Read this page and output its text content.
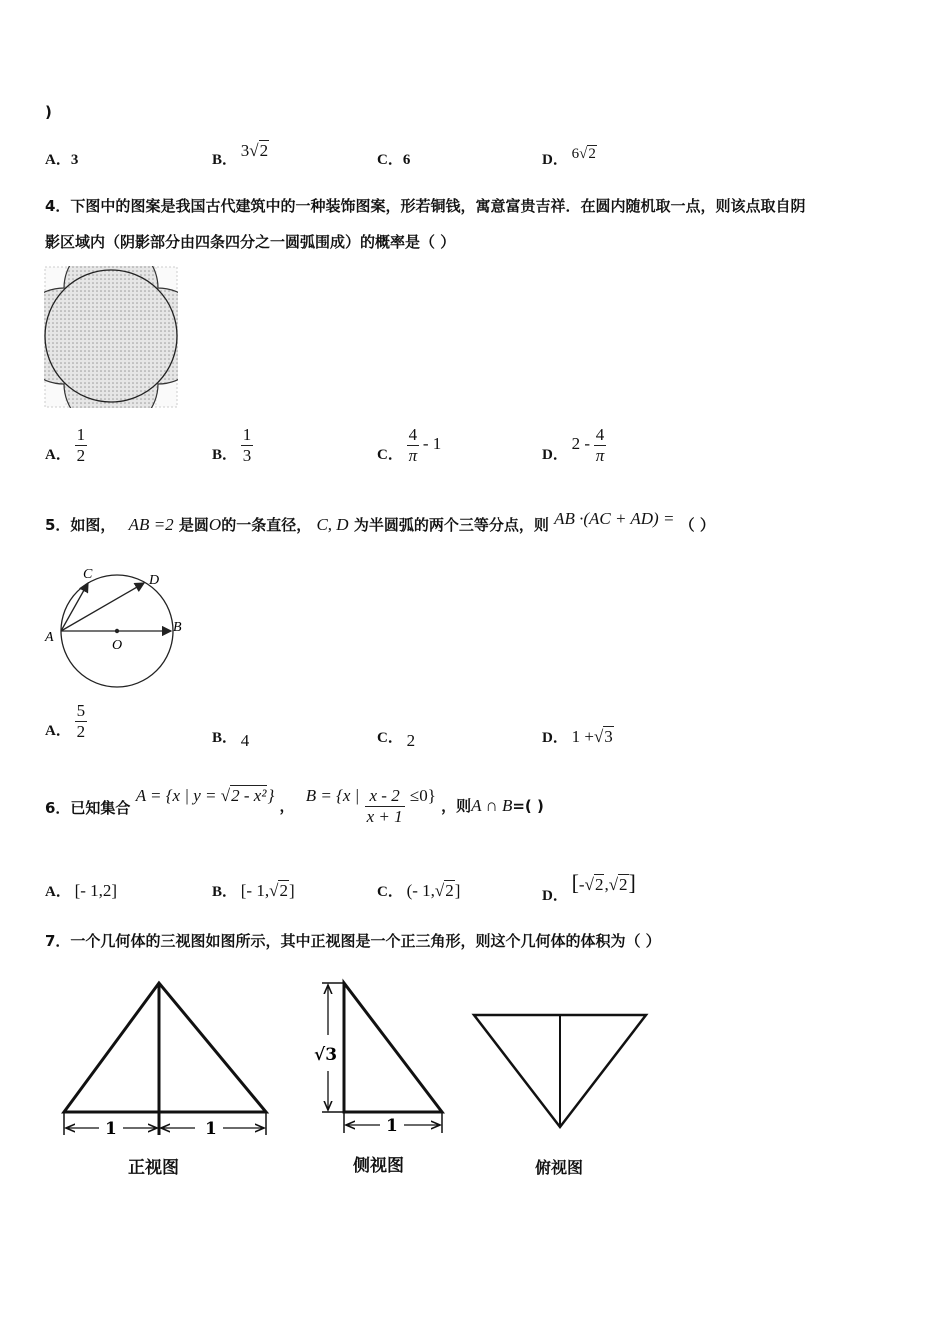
)
A．3	B． 3√2	C．6	D． 6√2
4．下图中的图案是我国古代建筑中的一种装饰图案，形若铜钱，寓意富贵吉祥．在圆内随机取一点，则该点取自阴
影区域内（阴影部分由四条四分之一圆弧围成）的概率是（ ）
A． $\frac{1}{2}$	B． $\frac{1}{3}$	C． $\frac{4}{\pi} - 1$
D． $2 - \frac{4}{\pi}$
5．如图， AB =2 是圆O的一条直径， C, D 为半圆弧的两个三等分点，则 AB ·(AC + AD) = （ ）
C	D
A
O
B
A． $\frac{5}{2}$	B． 4	C． 2	D． 1 +√3
6．已知集合 A = {x | y = √2 - x²} ， B = {x | $\frac{x - 2}{x + 1} \le 0$} ，则A ∩ B=( )
A． [- 1,2]	B． [- 1,√2]	C． (- 1,√2]	D． [-√2,√2]
7．一个几何体的三视图如图所示，其中正视图是一个正三角形，则这个几何体的体积为（ ）
1	1
正视图
√3
1
侧视图	俯视图
